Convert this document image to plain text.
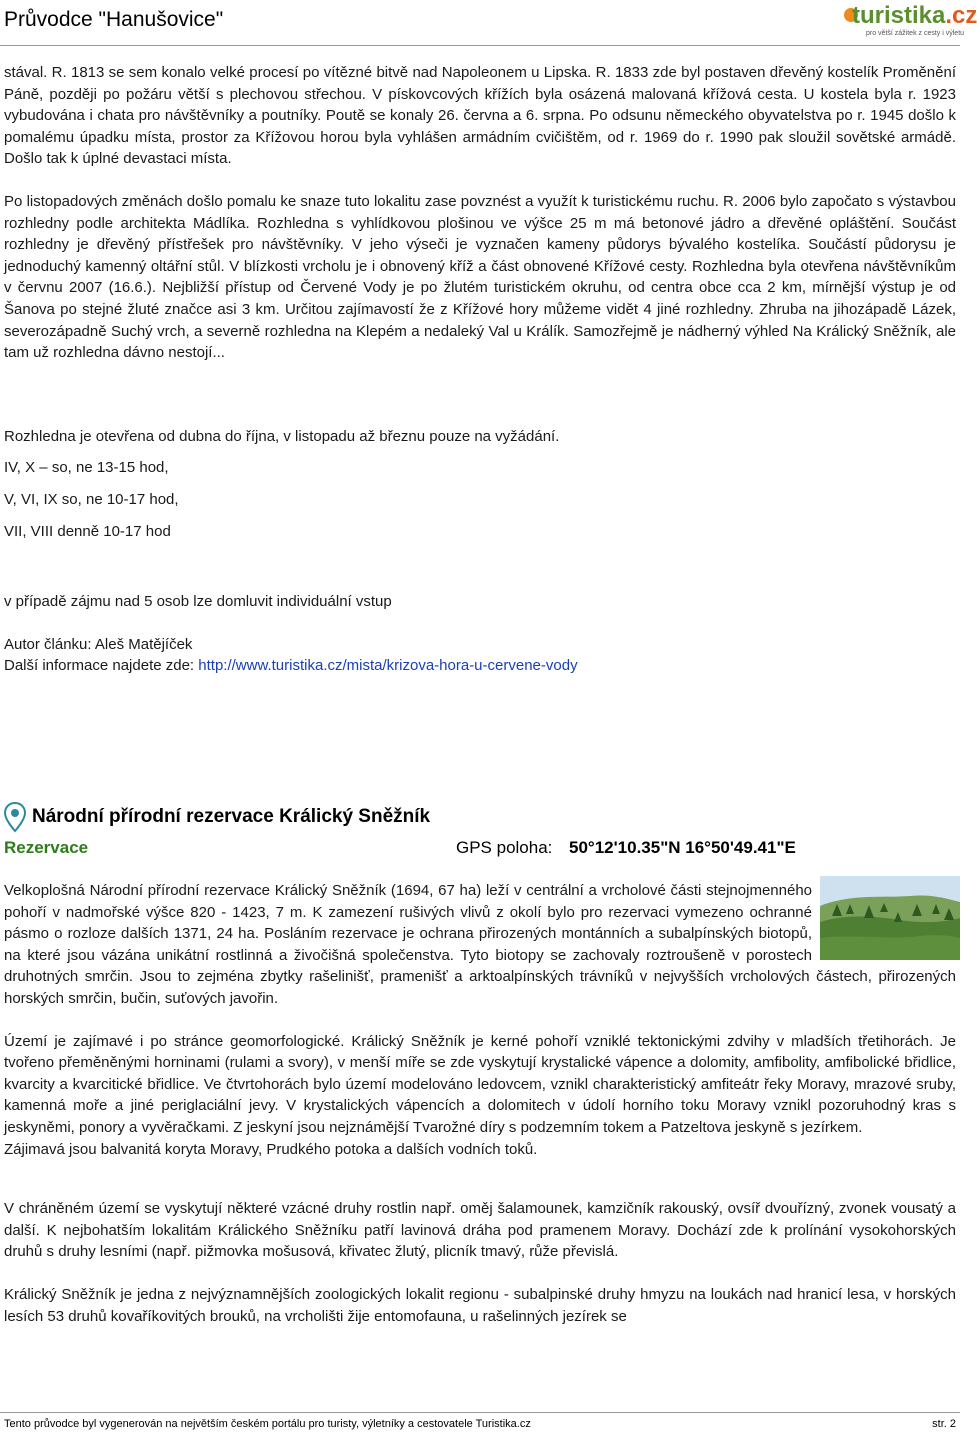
Průvodce "Hanušovice"	turistika.cz
pro větší zážitek z cesty i výletu

stával. R. 1813 se sem konalo velké procesí po vítězné bitvě nad Napoleonem u Lipska. R. 1833 zde byl postaven dřevěný kostelík Proměnění Páně, později po požáru větší s plechovou střechou. V pískovcových křížích byla osázená malovaná křížová cesta. U kostela byla r. 1923 vybudována i chata pro návštěvníky a poutníky. Poutě se konaly 26. června a 6. srpna. Po odsunu německého obyvatelstva po r. 1945 došlo k pomalému úpadku místa, prostor za Křížovou horou byla vyhlášen armádním cvičištěm, od r. 1969 do r. 1990 pak sloužil sovětské armádě. Došlo tak k úplné devastaci místa.

Po listopadových změnách došlo pomalu ke snaze tuto lokalitu zase povznést a využít k turistickému ruchu. R. 2006 bylo započato s výstavbou rozhledny podle architekta Mádlíka. Rozhledna s vyhlídkovou plošinou ve výšce 25 m má betonové jádro a dřevěné opláštění. Součást rozhledny je dřevěný přístřešek pro návštěvníky. V jeho výseči je vyznačen kameny půdorys bývalého kostelíka. Součástí půdorysu je jednoduchý kamenný oltářní stůl. V blízkosti vrcholu je i obnovený kříž a část obnovené Křížové cesty. Rozhledna byla otevřena návštěvníkům v červnu 2007 (16.6.). Nejbližší přístup od Červené Vody je po žlutém turistickém okruhu, od centra obce cca 2 km, mírnější výstup je od Šanova po stejné žluté značce asi 3 km. Určitou zajímavostí že z Křížové hory můžeme vidět 4 jiné rozhledny. Zhruba na jihozápadě Lázek, severozápadně Suchý vrch, a severně rozhledna na Klepém a nedaleký Val u Králík. Samozřejmě je nádherný výhled Na Králický Sněžník, ale tam už rozhledna dávno nestojí...

Rozhledna je otevřena od dubna do října, v listopadu až březnu pouze na vyžádání.

IV, X – so, ne 13-15 hod,

V, VI, IX so, ne 10-17 hod,

VII, VIII denně 10-17 hod

v případě zájmu nad 5 osob lze domluvit individuální vstup

Autor článku: Aleš Matějíček

Další informace najdete zde: http://www.turistika.cz/mista/krizova-hora-u-cervene-vody

Národní přírodní rezervace Králický Sněžník
Rezervace	GPS poloha: 50°12'10.35"N 16°50'49.41"E

Velkoplošná Národní přírodní rezervace Králický Sněžník (1694, 67 ha) leží v centrální a vrcholové části stejnojmenného pohoří v nadmořské výšce 820 - 1423, 7 m. K zamezení rušivých vlivů z okolí bylo pro rezervaci vymezeno ochranné pásmo o rozloze dalších 1371, 24 ha. Posláním rezervace je ochrana přirozených montánních a subalpínských biotopů, na které jsou vázána unikátní rostlinná a živočišná společenstva. Tyto biotopy se zachovaly roztroušeně v porostech druhotných smrčin. Jsou to zejména zbytky rašelinišť, pramenišť a arktoalpínských trávníků v nejvyšších vrcholových částech, přirozených horských smrčin, bučin, suťových javořin.

Území je zajímavé i po stránce geomorfologické. Králický Sněžník je kerné pohoří vzniklé tektonickými zdvihy v mladších třetihorách. Je tvořeno přeměněnými horninami (rulami a svory), v menší míře se zde vyskytují krystalické vápence a dolomity, amfibolity, amfibolické břidlice, kvarcity a kvarcitické břidlice. Ve čtvrtohorách bylo území modelováno ledovcem, vznikl charakteristický amfiteátr řeky Moravy, mrazové sruby, kamenná moře a jiné periglaciální jevy. V krystalických vápencích a dolomitech v údolí horního toku Moravy vznikl pozoruhodný kras s jeskyněmi, ponory a vyvěračkami. Z jeskyní jsou nejznámější Tvarožné díry s podzemním tokem a Patzeltova jeskyně s jezírkem.

Zájimavá jsou balvanitá koryta Moravy, Prudkého potoka a dalších vodních toků.

V chráněném území se vyskytují některé vzácné druhy rostlin např. oměj šalamounek, kamzičník rakouský, ovsíř dvouřízný, zvonek vousatý a další. K nejbohatším lokalitám Králického Sněžníku patří lavinová dráha pod pramenem Moravy. Dochází zde k prolínání vysokohorských druhů s druhy lesními (např. pižmovka mošusová, křivatec žlutý, plicník tmavý, růže převislá.

Králický Sněžník je jedna z nejvýznamnějších zoologických lokalit regionu - subalpinské druhy hmyzu na loukách nad hranicí lesa, v horských lesích 53 druhů kovaříkovitých brouků, na vrcholišti žije entomofauna, u rašelinných jezírek se

Tento průvodce byl vygenerován na největším českém portálu pro turisty, výletníky a cestovatele Turistika.cz	str. 2
